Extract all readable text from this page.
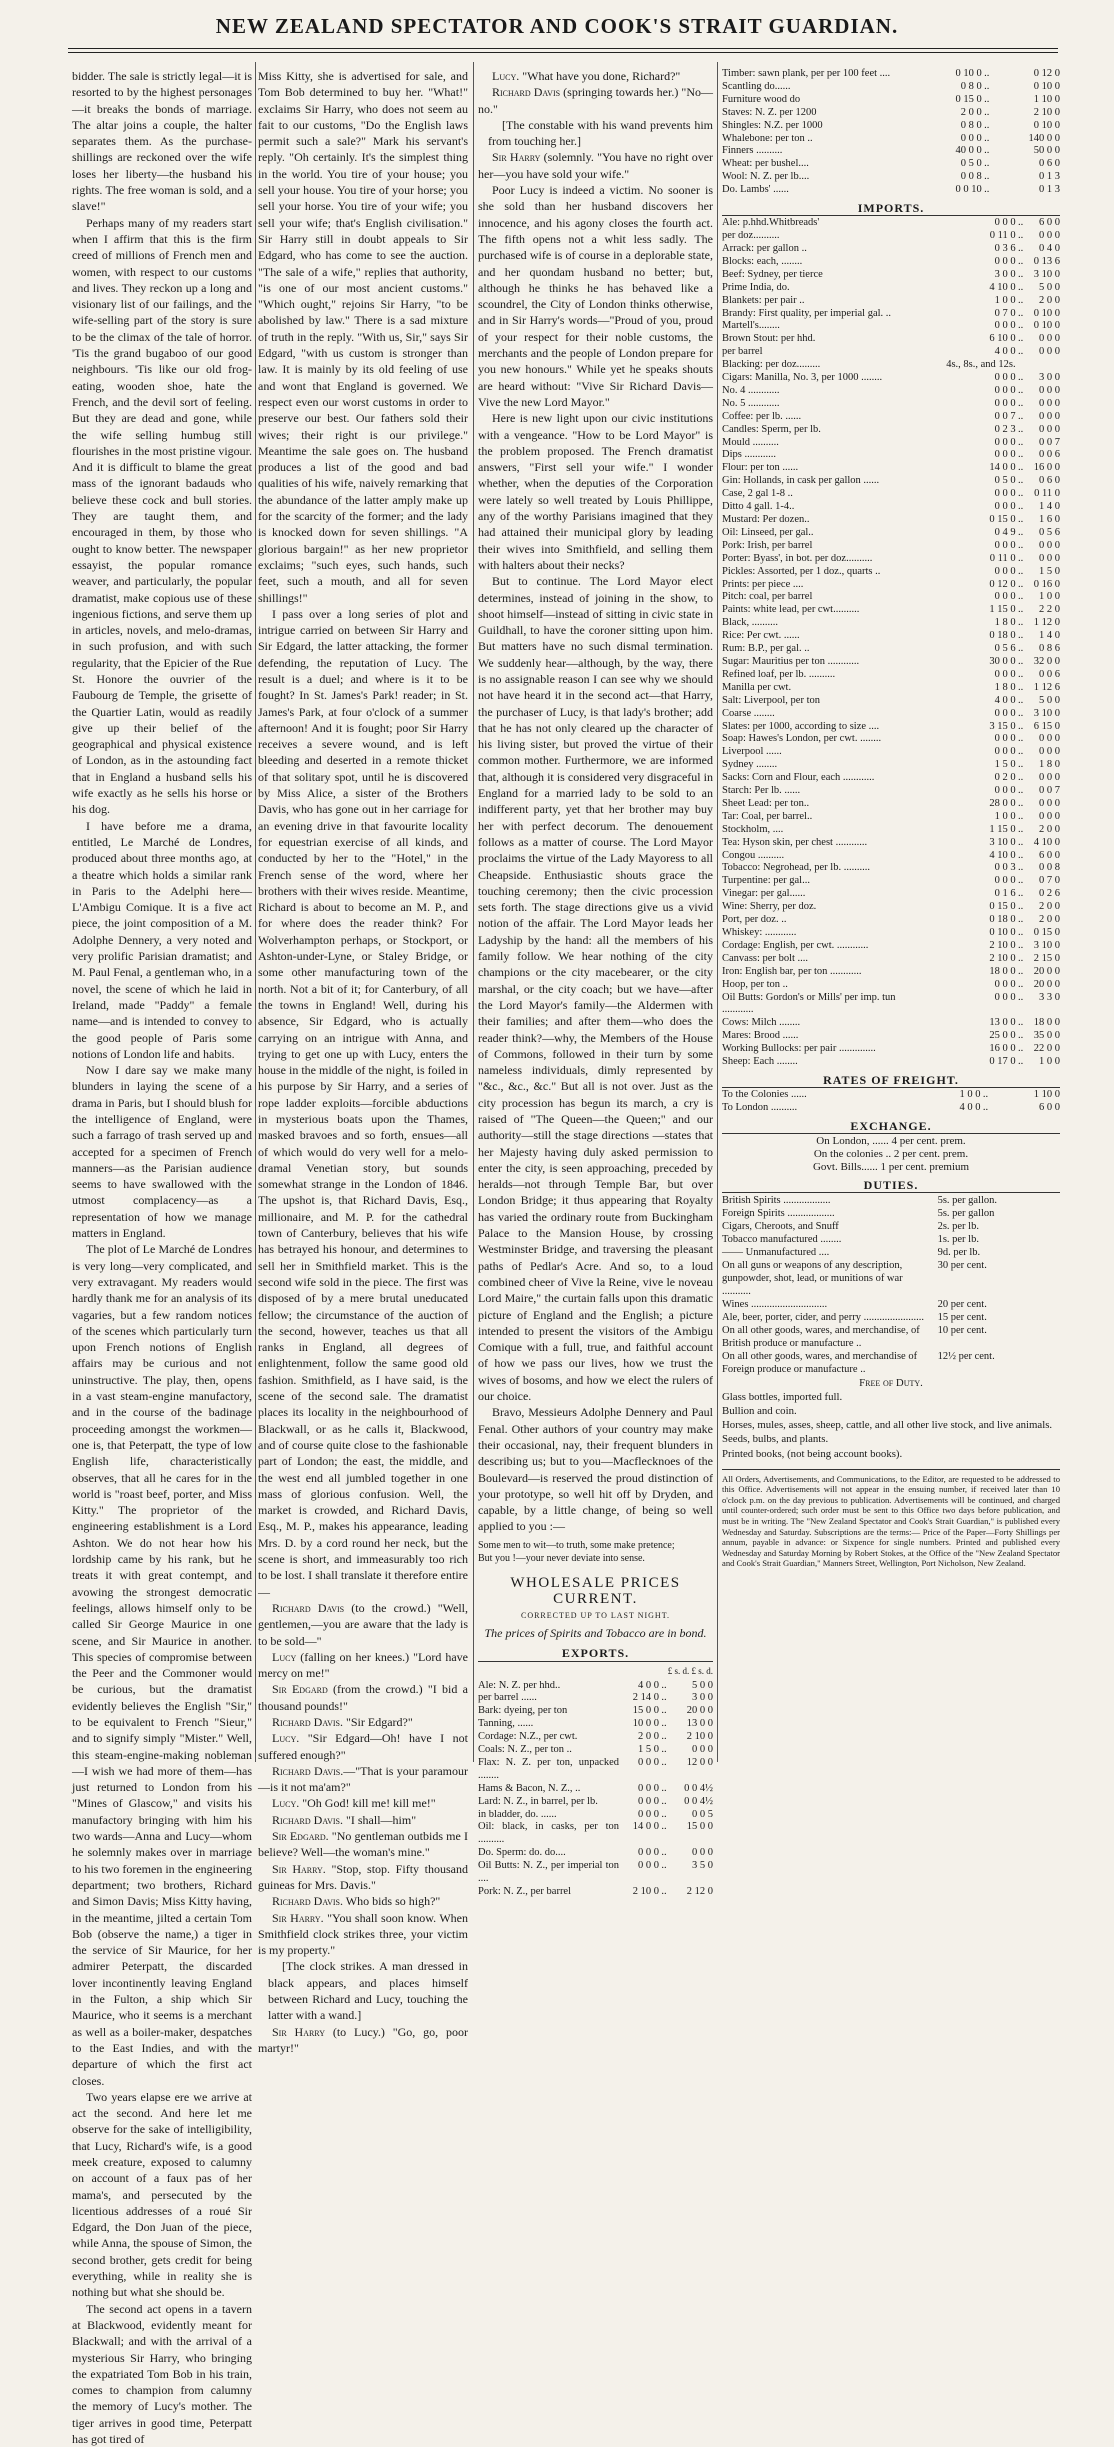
NEW ZEALAND SPECTATOR AND COOK'S STRAIT GUARDIAN.

bidder. The sale is strictly legal—it is resorted to by the highest personages—it breaks the bonds of marriage. The altar joins a couple, the halter separates them. As the purchase-shillings are reckoned over the wife loses her liberty—the husband his rights. The free woman is sold, and a slave!"

Perhaps many of my readers start when I affirm that this is the firm creed of millions of French men and women, with respect to our customs and lives. They reckon up a long and visionary list of our failings, and the wife-selling part of the story is sure to be the climax of the tale of horror. 'Tis the grand bugaboo of our good neighbours. 'Tis like our old frog-eating, wooden shoe, hate the French, and the devil sort of feeling. But they are dead and gone, while the wife selling humbug still flourishes in the most pristine vigour. And it is difficult to blame the great mass of the ignorant badauds who believe these cock and bull stories. They are taught them, and encouraged in them, by those who ought to know better. The newspaper essayist, the popular romance weaver, and particularly, the popular dramatist, make copious use of these ingenious fictions, and serve them up in articles, novels, and melo-dramas, in such profusion, and with such regularity, that the Epicier of the Rue St. Honore the ouvrier of the Faubourg de Temple, the grisette of the Quartier Latin, would as readily give up their belief of the geographical and physical existence of London, as in the astounding fact that in England a husband sells his wife exactly as he sells his horse or his dog.

I have before me a drama, entitled, Le Marché de Londres, produced about three months ago, at a theatre which holds a similar rank in Paris to the Adelphi here—L'Ambigu Comique. It is a five act piece, the joint composition of a M. Adolphe Dennery, a very noted and very prolific Parisian dramatist; and M. Paul Fenal, a gentleman who, in a novel, the scene of which he laid in Ireland, made "Paddy" a female name—and is intended to convey to the good people of Paris some notions of London life and habits.

Now I dare say we make many blunders in laying the scene of a drama in Paris, but I should blush for the intelligence of England, were such a farrago of trash served up and accepted for a specimen of French manners—as the Parisian audience seems to have swallowed with the utmost complacency—as a representation of how we manage matters in England.

The plot of Le Marché de Londres is very long—very complicated, and very extravagant. My readers would hardly thank me for an analysis of its vagaries, but a few random notices of the scenes which particularly turn upon French notions of English affairs may be curious and not uninstructive. The play, then, opens in a vast steam-engine manufactory, and in the course of the badinage proceeding amongst the workmen—one is, that Peterpatt, the type of low English life, characteristically observes, that all he cares for in the world is "roast beef, porter, and Miss Kitty." The proprietor of the engineering establishment is a Lord Ashton. We do not hear how his lordship came by his rank, but he treats it with great contempt, and avowing the strongest democratic feelings, allows himself only to be called Sir George Maurice in one scene, and Sir Maurice in another. This species of compromise between the Peer and the Commoner would be curious, but the dramatist evidently believes the English "Sir," to be equivalent to French "Sieur," and to signify simply "Mister." Well, this steam-engine-making nobleman—I wish we had more of them—has just returned to London from his "Mines of Glascow," and visits his manufactory bringing with him his two wards—Anna and Lucy—whom he solemnly makes over in marriage to his two foremen in the engineering department; two brothers, Richard and Simon Davis; Miss Kitty having, in the meantime, jilted a certain Tom Bob (observe the name,) a tiger in the service of Sir Maurice, for her admirer Peterpatt, the discarded lover incontinently leaving England in the Fulton, a ship which Sir Maurice, who it seems is a merchant as well as a boiler-maker, despatches to the East Indies, and with the departure of which the first act closes.

Two years elapse ere we arrive at act the second. And here let me observe for the sake of intelligibility, that Lucy, Richard's wife, is a good meek creature, exposed to calumny on account of a faux pas of her mama's, and persecuted by the licentious addresses of a roué Sir Edgard, the Don Juan of the piece, while Anna, the spouse of Simon, the second brother, gets credit for being everything, while in reality she is nothing but what she should be.

The second act opens in a tavern at Blackwood, evidently meant for Blackwall; and with the arrival of a mysterious Sir Harry, who bringing the expatriated Tom Bob in his train, comes to champion from calumny the memory of Lucy's mother. The tiger arrives in good time, Peterpatt has got tired of

Miss Kitty, she is advertised for sale, and Tom Bob determined to buy her. "What!" exclaims Sir Harry, who does not seem au fait to our customs, "Do the English laws permit such a sale?" Mark his servant's reply. "Oh certainly. It's the simplest thing in the world. You tire of your house; you sell your house. You tire of your horse; you sell your horse. You tire of your wife; you sell your wife; that's English civilisation." Sir Harry still in doubt appeals to Sir Edgard, who has come to see the auction. "The sale of a wife," replies that authority, "is one of our most ancient customs." "Which ought," rejoins Sir Harry, "to be abolished by law." There is a sad mixture of truth in the reply. "With us, Sir," says Sir Edgard, "with us custom is stronger than law. It is mainly by its old feeling of use and wont that England is governed. We respect even our worst customs in order to preserve our best. Our fathers sold their wives; their right is our privilege." Meantime the sale goes on. The husband produces a list of the good and bad qualities of his wife, naively remarking that the abundance of the latter amply make up for the scarcity of the former; and the lady is knocked down for seven shillings. "A glorious bargain!" as her new proprietor exclaims; "such eyes, such hands, such feet, such a mouth, and all for seven shillings!"

I pass over a long series of plot and intrigue carried on between Sir Harry and Sir Edgard, the latter attacking, the former defending, the reputation of Lucy. The result is a duel; and where is it to be fought? In St. James's Park! reader; in St. James's Park, at four o'clock of a summer afternoon! And it is fought; poor Sir Harry receives a severe wound, and is left bleeding and deserted in a remote thicket of that solitary spot, until he is discovered by Miss Alice, a sister of the Brothers Davis, who has gone out in her carriage for an evening drive in that favourite locality for equestrian exercise of all kinds, and conducted by her to the "Hotel," in the French sense of the word, where her brothers with their wives reside. Meantime, Richard is about to become an M. P., and for where does the reader think? For Wolverhampton perhaps, or Stockport, or Ashton-under-Lyne, or Staley Bridge, or some other manufacturing town of the north. Not a bit of it; for Canterbury, of all the towns in England! Well, during his absence, Sir Edgard, who is actually carrying on an intrigue with Anna, and trying to get one up with Lucy, enters the house in the middle of the night, is foiled in his purpose by Sir Harry, and a series of rope ladder exploits—forcible abductions in mysterious boats upon the Thames, masked bravoes and so forth, ensues—all of which would do very well for a melo-dramal Venetian story, but sounds somewhat strange in the London of 1846. The upshot is, that Richard Davis, Esq., millionaire, and M. P. for the cathedral town of Canterbury, believes that his wife has betrayed his honour, and determines to sell her in Smithfield market. This is the second wife sold in the piece. The first was disposed of by a mere brutal uneducated fellow; the circumstance of the auction of the second, however, teaches us that all ranks in England, all degrees of enlightenment, follow the same good old fashion. Smithfield, as I have said, is the scene of the second sale. The dramatist places its locality in the neighbourhood of Blackwall, or as he calls it, Blackwood, and of course quite close to the fashionable part of London; the east, the middle, and the west end all jumbled together in one mass of glorious confusion. Well, the market is crowded, and Richard Davis, Esq., M. P., makes his appearance, leading Mrs. D. by a cord round her neck, but the scene is short, and immeasurably too rich to be lost. I shall translate it therefore entire—

Richard Davis (to the crowd.) "Well, gentlemen,—you are aware that the lady is to be sold—"

Lucy (falling on her knees.) "Lord have mercy on me!"

Sir Edgard (from the crowd.) "I bid a thousand pounds!"

Richard Davis. "Sir Edgard?"

Lucy. "Sir Edgard—Oh! have I not suffered enough?"

Richard Davis.—"That is your paramour—is it not ma'am?"

Lucy. "Oh God! kill me! kill me!"

Richard Davis. "I shall—him"

Sir Edgard. "No gentleman outbids me I believe? Well—the woman's mine."

Sir Harry. "Stop, stop. Fifty thousand guineas for Mrs. Davis."

Richard Davis. Who bids so high?"

Sir Harry. "You shall soon know. When Smithfield clock strikes three, your victim is my property."

[The clock strikes. A man dressed in black appears, and places himself between Richard and Lucy, touching the latter with a wand.]

Sir Harry (to Lucy.) "Go, go, poor martyr!"

Lucy. "What have you done, Richard?"

Richard Davis (springing towards her.) "No—no."

[The constable with his wand prevents him from touching her.]

Sir Harry (solemnly. "You have no right over her—you have sold your wife."

Poor Lucy is indeed a victim. No sooner is she sold than her husband discovers her innocence, and his agony closes the fourth act. The fifth opens not a whit less sadly. The purchased wife is of course in a deplorable state, and her quondam husband no better; but, although he thinks he has behaved like a scoundrel, the City of London thinks otherwise, and in Sir Harry's words—"Proud of you, proud of your respect for their noble customs, the merchants and the people of London prepare for you new honours." While yet he speaks shouts are heard without: "Vive Sir Richard Davis—Vive the new Lord Mayor."

Here is new light upon our civic institutions with a vengeance. "How to be Lord Mayor" is the problem proposed. The French dramatist answers, "First sell your wife." I wonder whether, when the deputies of the Corporation were lately so well treated by Louis Phillippe, any of the worthy Parisians imagined that they had attained their municipal glory by leading their wives into Smithfield, and selling them with halters about their necks?

But to continue. The Lord Mayor elect determines, instead of joining in the show, to shoot himself—instead of sitting in civic state in Guildhall, to have the coroner sitting upon him. But matters have no such dismal termination. We suddenly hear—although, by the way, there is no assignable reason I can see why we should not have heard it in the second act—that Harry, the purchaser of Lucy, is that lady's brother; add that he has not only cleared up the character of his living sister, but proved the virtue of their common mother. Furthermore, we are informed that, although it is considered very disgraceful in England for a married lady to be sold to an indifferent party, yet that her brother may buy her with perfect decorum. The denouement follows as a matter of course. The Lord Mayor proclaims the virtue of the Lady Mayoress to all Cheapside. Enthusiastic shouts grace the touching ceremony; then the civic procession sets forth. The stage directions give us a vivid notion of the affair. The Lord Mayor leads her Ladyship by the hand: all the members of his family follow. We hear nothing of the city champions or the city macebearer, or the city marshal, or the city coach; but we have—after the Lord Mayor's family—the Aldermen with their families; and after them—who does the reader think?—why, the Members of the House of Commons, followed in their turn by some nameless individuals, dimly represented by "&c., &c., &c." But all is not over. Just as the city procession has begun its march, a cry is raised of "The Queen—the Queen;" and our authority—still the stage directions —states that her Majesty having duly asked permission to enter the city, is seen approaching, preceded by heralds—not through Temple Bar, but over London Bridge; it thus appearing that Royalty has varied the ordinary route from Buckingham Palace to the Mansion House, by crossing Westminster Bridge, and traversing the pleasant paths of Pedlar's Acre. And so, to a loud combined cheer of Vive la Reine, vive le noveau Lord Maire," the curtain falls upon this dramatic picture of England and the English; a picture intended to present the visitors of the Ambigu Comique with a full, true, and faithful account of how we pass our lives, how we trust the wives of bosoms, and how we elect the rulers of our choice.

Bravo, Messieurs Adolphe Dennery and Paul Fenal. Other authors of your country may make their occasional, nay, their frequent blunders in describing us; but to you—Macflecknoes of the Boulevard—is reserved the proud distinction of your prototype, so well hit off by Dryden, and capable, by a little change, of being so well applied to you :—

Some men to wit—to truth, some make pretence;
But you !—your never deviate into sense.
WHOLESALE PRICES CURRENT.
CORRECTED UP TO LAST NIGHT.
The prices of Spirits and Tobacco are in bond.
EXPORTS.
£ s. d. £ s. d.
Ale: N. Z. per hhd..	4 0 0	..	5 0 0
per barrel ......	2 14 0	..	3 0 0
Bark: dyeing, per ton	15 0 0	..	20 0 0
Tanning, ......	10 0 0	..	13 0 0
Cordage: N.Z., per cwt.	2 0 0	..	2 10 0
Coals: N. Z., per ton ..	1 5 0	..	0 0 0
Flax: N. Z. per ton, unpacked ........	0 0 0	..	12 0 0
Hams & Bacon, N. Z., ..	0 0 0	..	0 0 4½
Lard: N. Z., in barrel, per lb.	0 0 0	..	0 0 4½
in bladder, do. ......	0 0 0	..	0 0 5
Oil: black, in casks, per ton ..........	14 0 0	..	15 0 0
Do. Sperm: do. do....	0 0 0	..	0 0 0
Oil Butts: N. Z., per imperial ton ....	0 0 0	..	3 5 0
Pork: N. Z., per barrel	2 10 0	..	2 12 0
Timber: sawn plank, per per 100 feet ....	0 10 0	..	0 12 0
Scantling do......	0 8 0	..	0 10 0
Furniture wood do	0 15 0	..	1 10 0
Staves: N. Z. per 1200	2 0 0	..	2 10 0
Shingles: N.Z. per 1000	0 8 0	..	0 10 0
Whalebone: per ton ..	0 0 0	..	140 0 0
Finners ..........	40 0 0	..	50 0 0
Wheat: per bushel....	0 5 0	..	0 6 0
Wool: N. Z. per lb....	0 0 8	..	0 1 3
Do. Lambs' ......	0 0 10	..	0 1 3
IMPORTS.
Ale: p.hhd.Whitbreads'	0 0 0	..	6 0 0
per doz..........	0 11 0	..	0 0 0
Arrack: per gallon ..	0 3 6	..	0 4 0
Blocks: each, ........	0 0 0	..	0 13 6
Beef: Sydney, per tierce	3 0 0	..	3 10 0
Prime India, do.	4 10 0	..	5 0 0
Blankets: per pair ..	1 0 0	..	2 0 0
Brandy: First quality, per imperial gal. ..	0 7 0	..	0 10 0
Martell's........	0 0 0	..	0 10 0
Brown Stout: per hhd.	6 10 0	..	0 0 0
per barrel	4 0 0	..	0 0 0
Blacking: per doz.........	4s., 8s., and 12s.		
Cigars: Manilla, No. 3, per 1000 ........	0 0 0	..	3 0 0
No. 4 ............	0 0 0	..	0 0 0
No. 5 ............	0 0 0	..	0 0 0
Coffee: per lb. ......	0 0 7	..	0 0 0
Candles: Sperm, per lb.	0 2 3	..	0 0 0
Mould ..........	0 0 0	..	0 0 7
Dips ............	0 0 0	..	0 0 6
Flour: per ton ......	14 0 0	..	16 0 0
Gin: Hollands, in cask per gallon ......	0 5 0	..	0 6 0
Case, 2 gal 1-8 ..	0 0 0	..	0 11 0
Ditto 4 gall. 1-4..	0 0 0	..	1 4 0
Mustard: Per dozen..	0 15 0	..	1 6 0
Oil: Linseed, per gal..	0 4 9	..	0 5 6
Pork: Irish, per barrel	0 0 0	..	0 0 0
Porter: Byass', in bot. per doz..........	0 11 0	..	0 0 0
Pickles: Assorted, per 1 doz., quarts ..	0 0 0	..	1 5 0
Prints: per piece ....	0 12 0	..	0 16 0
Pitch: coal, per barrel	0 0 0	..	1 0 0
Paints: white lead, per cwt..........	1 15 0	..	2 2 0
Black, ..........	1 8 0	..	1 12 0
Rice: Per cwt. ......	0 18 0	..	1 4 0
Rum: B.P., per gal. ..	0 5 6	..	0 8 6
Sugar: Mauritius per ton ............	30 0 0	..	32 0 0
Refined loaf, per lb. ..........	0 0 0	..	0 0 6
Manilla per cwt.	1 8 0	..	1 12 6
Salt: Liverpool, per ton	4 0 0	..	5 0 0
Coarse ........	0 0 0	..	3 10 0
Slates: per 1000, according to size ....	3 15 0	..	6 15 0
Soap: Hawes's London, per cwt. ........	0 0 0	..	0 0 0
Liverpool ......	0 0 0	..	0 0 0
Sydney ........	1 5 0	..	1 8 0
Sacks: Corn and Flour, each ............	0 2 0	..	0 0 0
Starch: Per lb. ......	0 0 0	..	0 0 7
Sheet Lead: per ton..	28 0 0	..	0 0 0
Tar: Coal, per barrel..	1 0 0	..	0 0 0
Stockholm, ....	1 15 0	..	2 0 0
Tea: Hyson skin, per chest ............	3 10 0	..	4 10 0
Congou ..........	4 10 0	..	6 0 0
Tobacco: Negrohead, per lb. ..........	0 0 3	..	0 0 8
Turpentine: per gal...	0 0 0	..	0 7 0
Vinegar: per gal......	0 1 6	..	0 2 6
Wine: Sherry, per doz.	0 15 0	..	2 0 0
Port, per doz. ..	0 18 0	..	2 0 0
Whiskey: ............	0 10 0	..	0 15 0
Cordage: English, per cwt. ............	2 10 0	..	3 10 0
Canvass: per bolt ....	2 10 0	..	2 15 0
Iron: English bar, per ton ............	18 0 0	..	20 0 0
Hoop, per ton ..	0 0 0	..	20 0 0
Oil Butts: Gordon's or Mills' per imp. tun ............	0 0 0	..	3 3 0
Cows: Milch ........	13 0 0	..	18 0 0
Mares: Brood ......	25 0 0	..	35 0 0
Working Bullocks: per pair ..............	16 0 0	..	22 0 0
Sheep: Each ........	0 17 0	..	1 0 0
RATES OF FREIGHT.
To the Colonies ......	1 0 0	..	1 10 0
To London ..........	4 0 0	..	6 0 0
EXCHANGE.
On London, ...... 4 per cent. prem.
On the colonies .. 2 per cent. prem.
Govt. Bills...... 1 per cent. premium
DUTIES.
British Spirits ..................	5s. per gallon.
Foreign Spirits ..................	5s. per gallon
Cigars, Cheroots, and Snuff	2s. per lb.
Tobacco manufactured ........	1s. per lb.
—— Unmanufactured ....	9d. per lb.
On all guns or weapons of any description, gunpowder, shot, lead, or munitions of war ...........	30 per cent.
Wines .............................	20 per cent.
Ale, beer, porter, cider, and perry .......................	15 per cent.
On all other goods, wares, and merchandise, of British produce or manufacture ..	10 per cent.
On all other goods, wares, and merchandise of Foreign produce or manufacture ..	12½ per cent.
Free of Duty.
Glass bottles, imported full.
Bullion and coin.
Horses, mules, asses, sheep, cattle, and all other live stock, and live animals.
Seeds, bulbs, and plants.
Printed books, (not being account books).
All Orders, Advertisements, and Communications, to the Editor, are requested to be addressed to this Office. Advertisements will not appear in the ensuing number, if received later than 10 o'clock p.m. on the day previous to publication. Advertisements will be continued, and charged until counter-ordered; such order must be sent to this Office two days before publication, and must be in writing. The "New Zealand Spectator and Cook's Strait Guardian," is published every Wednesday and Saturday. Subscriptions are the terms:— Price of the Paper—Forty Shillings per annum, payable in advance: or Sixpence for single numbers. Printed and published every Wednesday and Saturday Morning by Robert Stokes, at the Office of the "New Zealand Spectator and Cook's Strait Guardian," Manners Street, Wellington, Port Nicholson, New Zealand.
